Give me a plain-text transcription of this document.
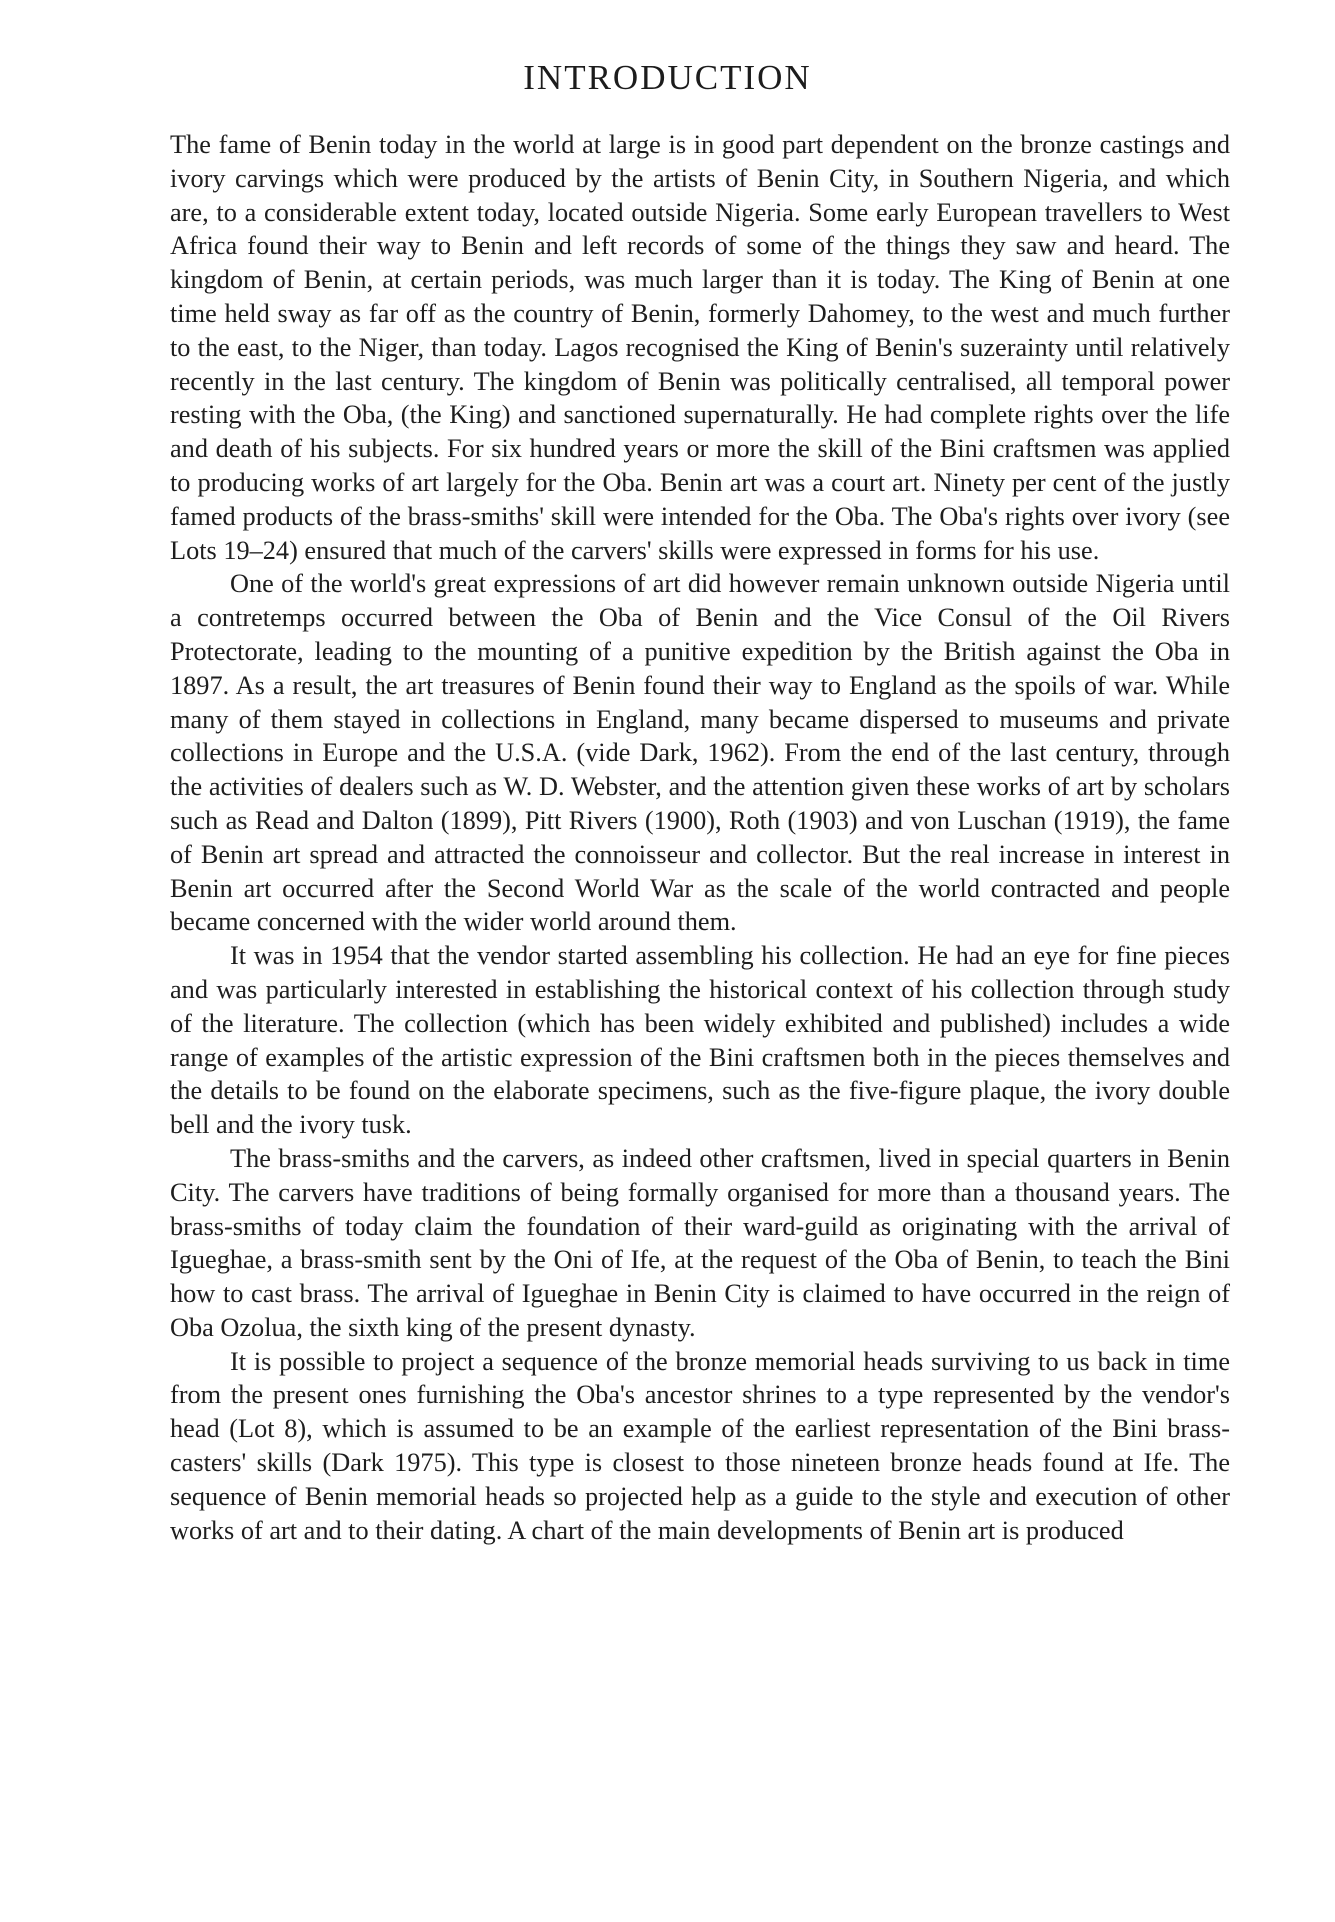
INTRODUCTION

The fame of Benin today in the world at large is in good part dependent on the bronze castings and ivory carvings which were produced by the artists of Benin City, in Southern Nigeria, and which are, to a considerable extent today, located outside Nigeria. Some early European travellers to West Africa found their way to Benin and left records of some of the things they saw and heard. The kingdom of Benin, at certain periods, was much larger than it is today. The King of Benin at one time held sway as far off as the country of Benin, formerly Dahomey, to the west and much further to the east, to the Niger, than today. Lagos recognised the King of Benin's suzerainty until relatively recently in the last century. The kingdom of Benin was politically centralised, all temporal power resting with the Oba, (the King) and sanctioned supernaturally. He had complete rights over the life and death of his subjects. For six hundred years or more the skill of the Bini craftsmen was applied to producing works of art largely for the Oba. Benin art was a court art. Ninety per cent of the justly famed products of the brass-smiths' skill were intended for the Oba. The Oba's rights over ivory (see Lots 19–24) ensured that much of the carvers' skills were expressed in forms for his use.

One of the world's great expressions of art did however remain unknown outside Nigeria until a contretemps occurred between the Oba of Benin and the Vice Consul of the Oil Rivers Protectorate, leading to the mounting of a punitive expedition by the British against the Oba in 1897. As a result, the art treasures of Benin found their way to England as the spoils of war. While many of them stayed in collections in England, many became dispersed to museums and private collections in Europe and the U.S.A. (vide Dark, 1962). From the end of the last century, through the activities of dealers such as W. D. Webster, and the attention given these works of art by scholars such as Read and Dalton (1899), Pitt Rivers (1900), Roth (1903) and von Luschan (1919), the fame of Benin art spread and attracted the connoisseur and collector. But the real increase in interest in Benin art occurred after the Second World War as the scale of the world contracted and people became concerned with the wider world around them.

It was in 1954 that the vendor started assembling his collection. He had an eye for fine pieces and was particularly interested in establishing the historical context of his collection through study of the literature. The collection (which has been widely exhibited and published) includes a wide range of examples of the artistic expression of the Bini craftsmen both in the pieces themselves and the details to be found on the elaborate specimens, such as the five-figure plaque, the ivory double bell and the ivory tusk.

The brass-smiths and the carvers, as indeed other craftsmen, lived in special quarters in Benin City. The carvers have traditions of being formally organised for more than a thousand years. The brass-smiths of today claim the foundation of their ward-guild as originating with the arrival of Igueghae, a brass-smith sent by the Oni of Ife, at the request of the Oba of Benin, to teach the Bini how to cast brass. The arrival of Igueghae in Benin City is claimed to have occurred in the reign of Oba Ozolua, the sixth king of the present dynasty.

It is possible to project a sequence of the bronze memorial heads surviving to us back in time from the present ones furnishing the Oba's ancestor shrines to a type represented by the vendor's head (Lot 8), which is assumed to be an example of the earliest representation of the Bini brass-casters' skills (Dark 1975). This type is closest to those nineteen bronze heads found at Ife. The sequence of Benin memorial heads so projected help as a guide to the style and execution of other works of art and to their dating. A chart of the main developments of Benin art is produced
